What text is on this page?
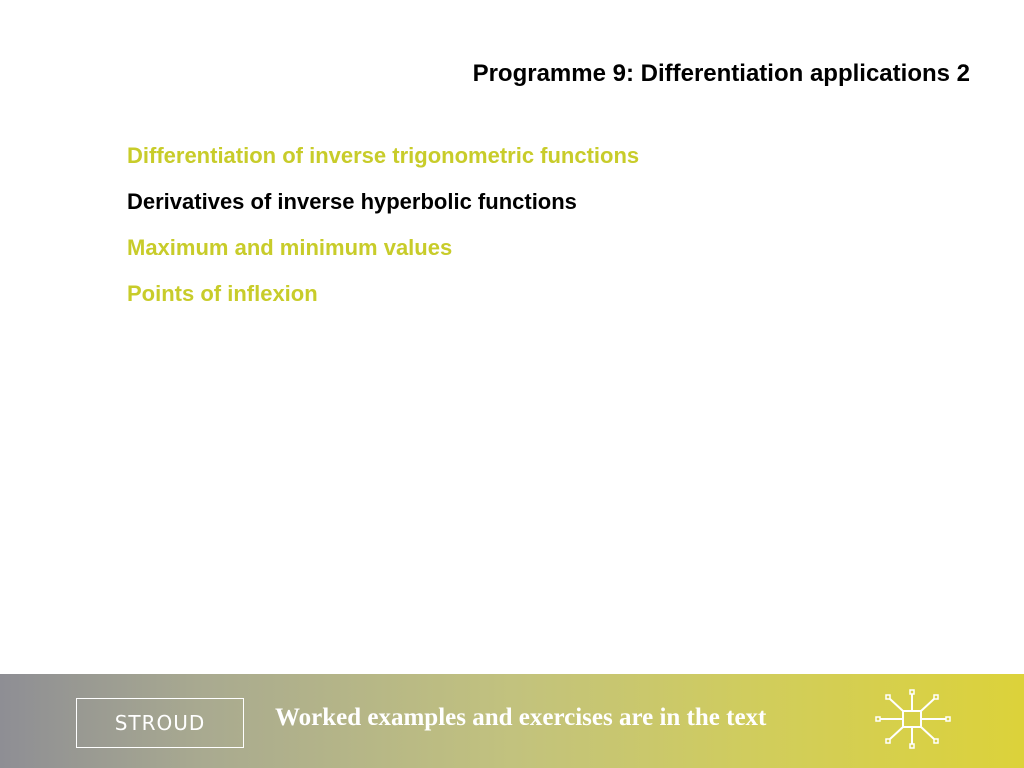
Programme 9: Differentiation applications 2
Differentiation of inverse trigonometric functions
Derivatives of inverse hyperbolic functions
Maximum and minimum values
Points of inflexion
STROUD	Worked examples and exercises are in the text
